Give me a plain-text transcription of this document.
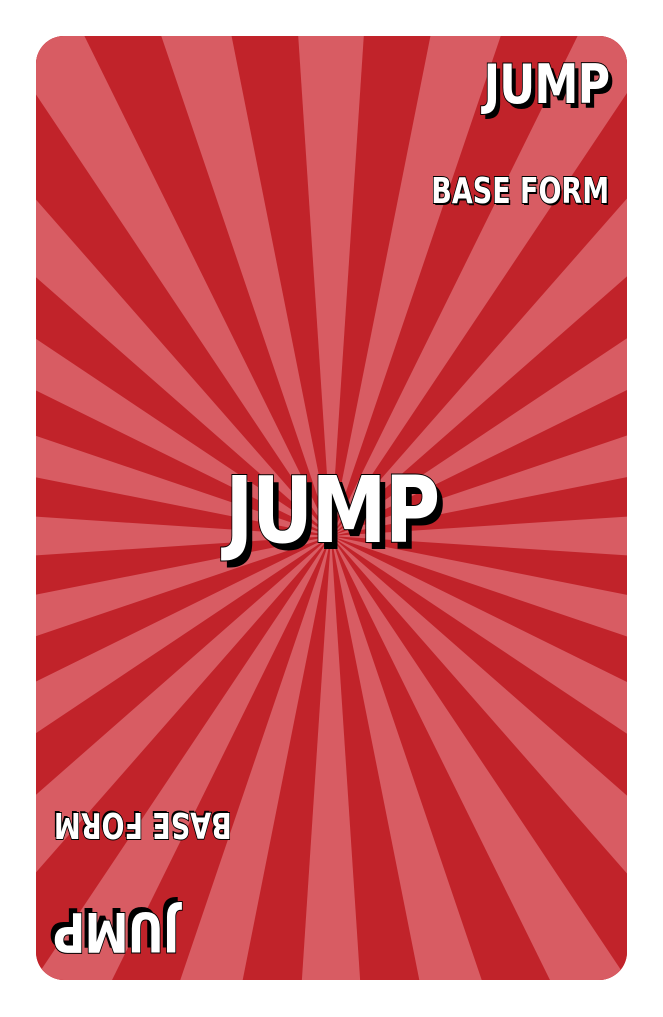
JUMP
BASE FORM
JUMP
JUMP
BASE FORM
